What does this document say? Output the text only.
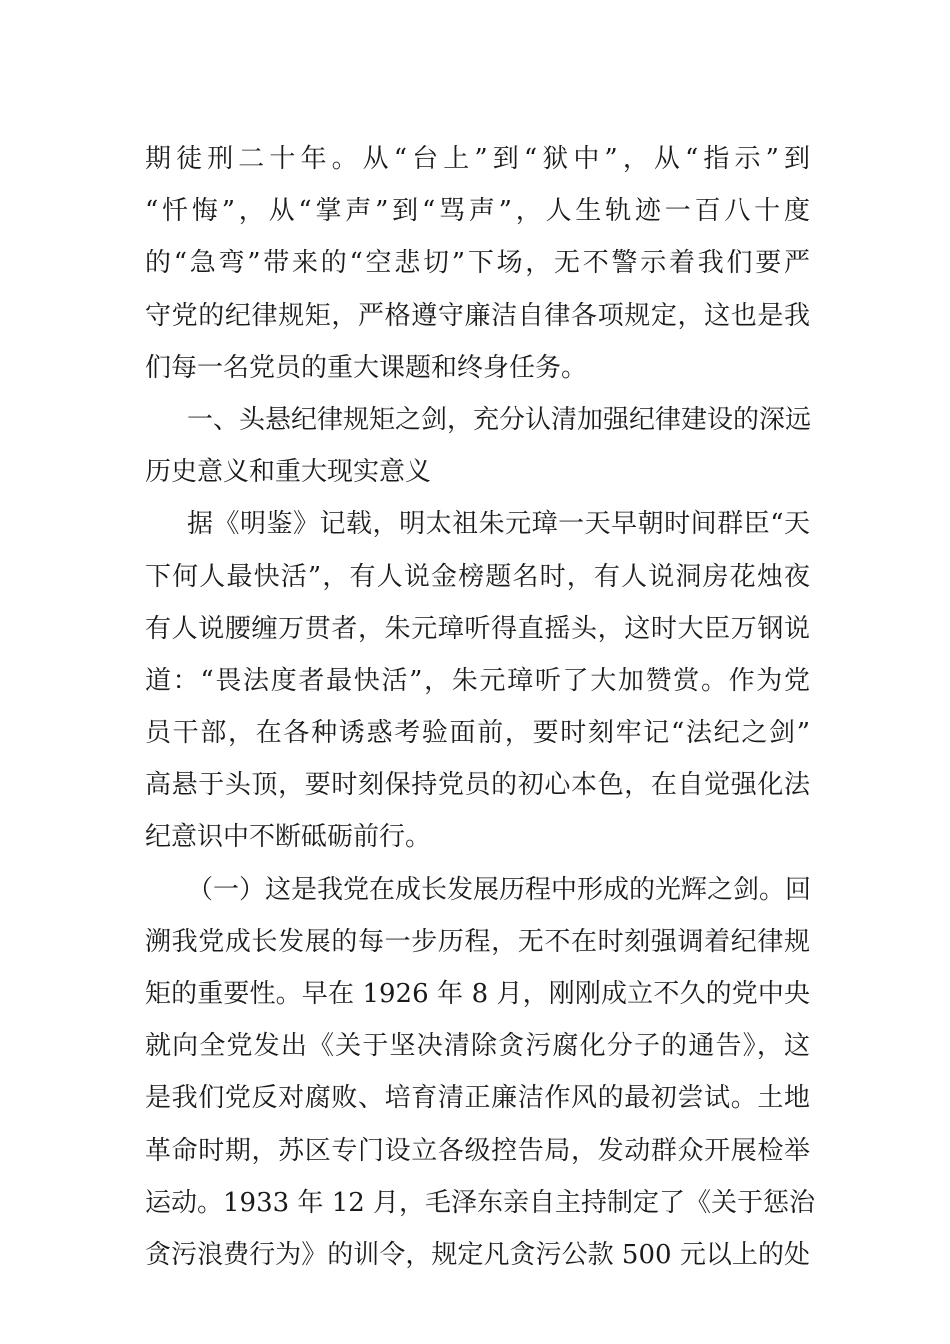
期徒刑二十年。从“台上”到“狱中”，从“指示”到
“忏悔”，从“掌声”到“骂声”，人生轨迹一百八十度
的“急弯”带来的“空悲切”下场，无不警示着我们要严
守党的纪律规矩，严格遵守廉洁自律各项规定，这也是我
们每一名党员的重大课题和终身任务。
一、头悬纪律规矩之剑，充分认清加强纪律建设的深远
历史意义和重大现实意义
据《明鉴》记载，明太祖朱元璋一天早朝时间群臣“天
下何人最快活”，有人说金榜题名时，有人说洞房花烛夜
有人说腰缠万贯者，朱元璋听得直摇头，这时大臣万钢说
道：“畏法度者最快活”，朱元璋听了大加赞赏。作为党
员干部，在各种诱惑考验面前，要时刻牢记“法纪之剑”
高悬于头顶，要时刻保持党员的初心本色，在自觉强化法
纪意识中不断砥砺前行。
（一）这是我党在成长发展历程中形成的光辉之剑。回
溯我党成长发展的每一步历程，无不在时刻强调着纪律规
矩的重要性。早在 1926 年 8 月，刚刚成立不久的党中央
就向全党发出《关于坚决清除贪污腐化分子的通告》，这
是我们党反对腐败、培育清正廉洁作风的最初尝试。土地
革命时期，苏区专门设立各级控告局，发动群众开展检举
运动。1933 年 12 月，毛泽东亲自主持制定了《关于惩治
贪污浪费行为》的训令，规定凡贪污公款 500 元以上的处
